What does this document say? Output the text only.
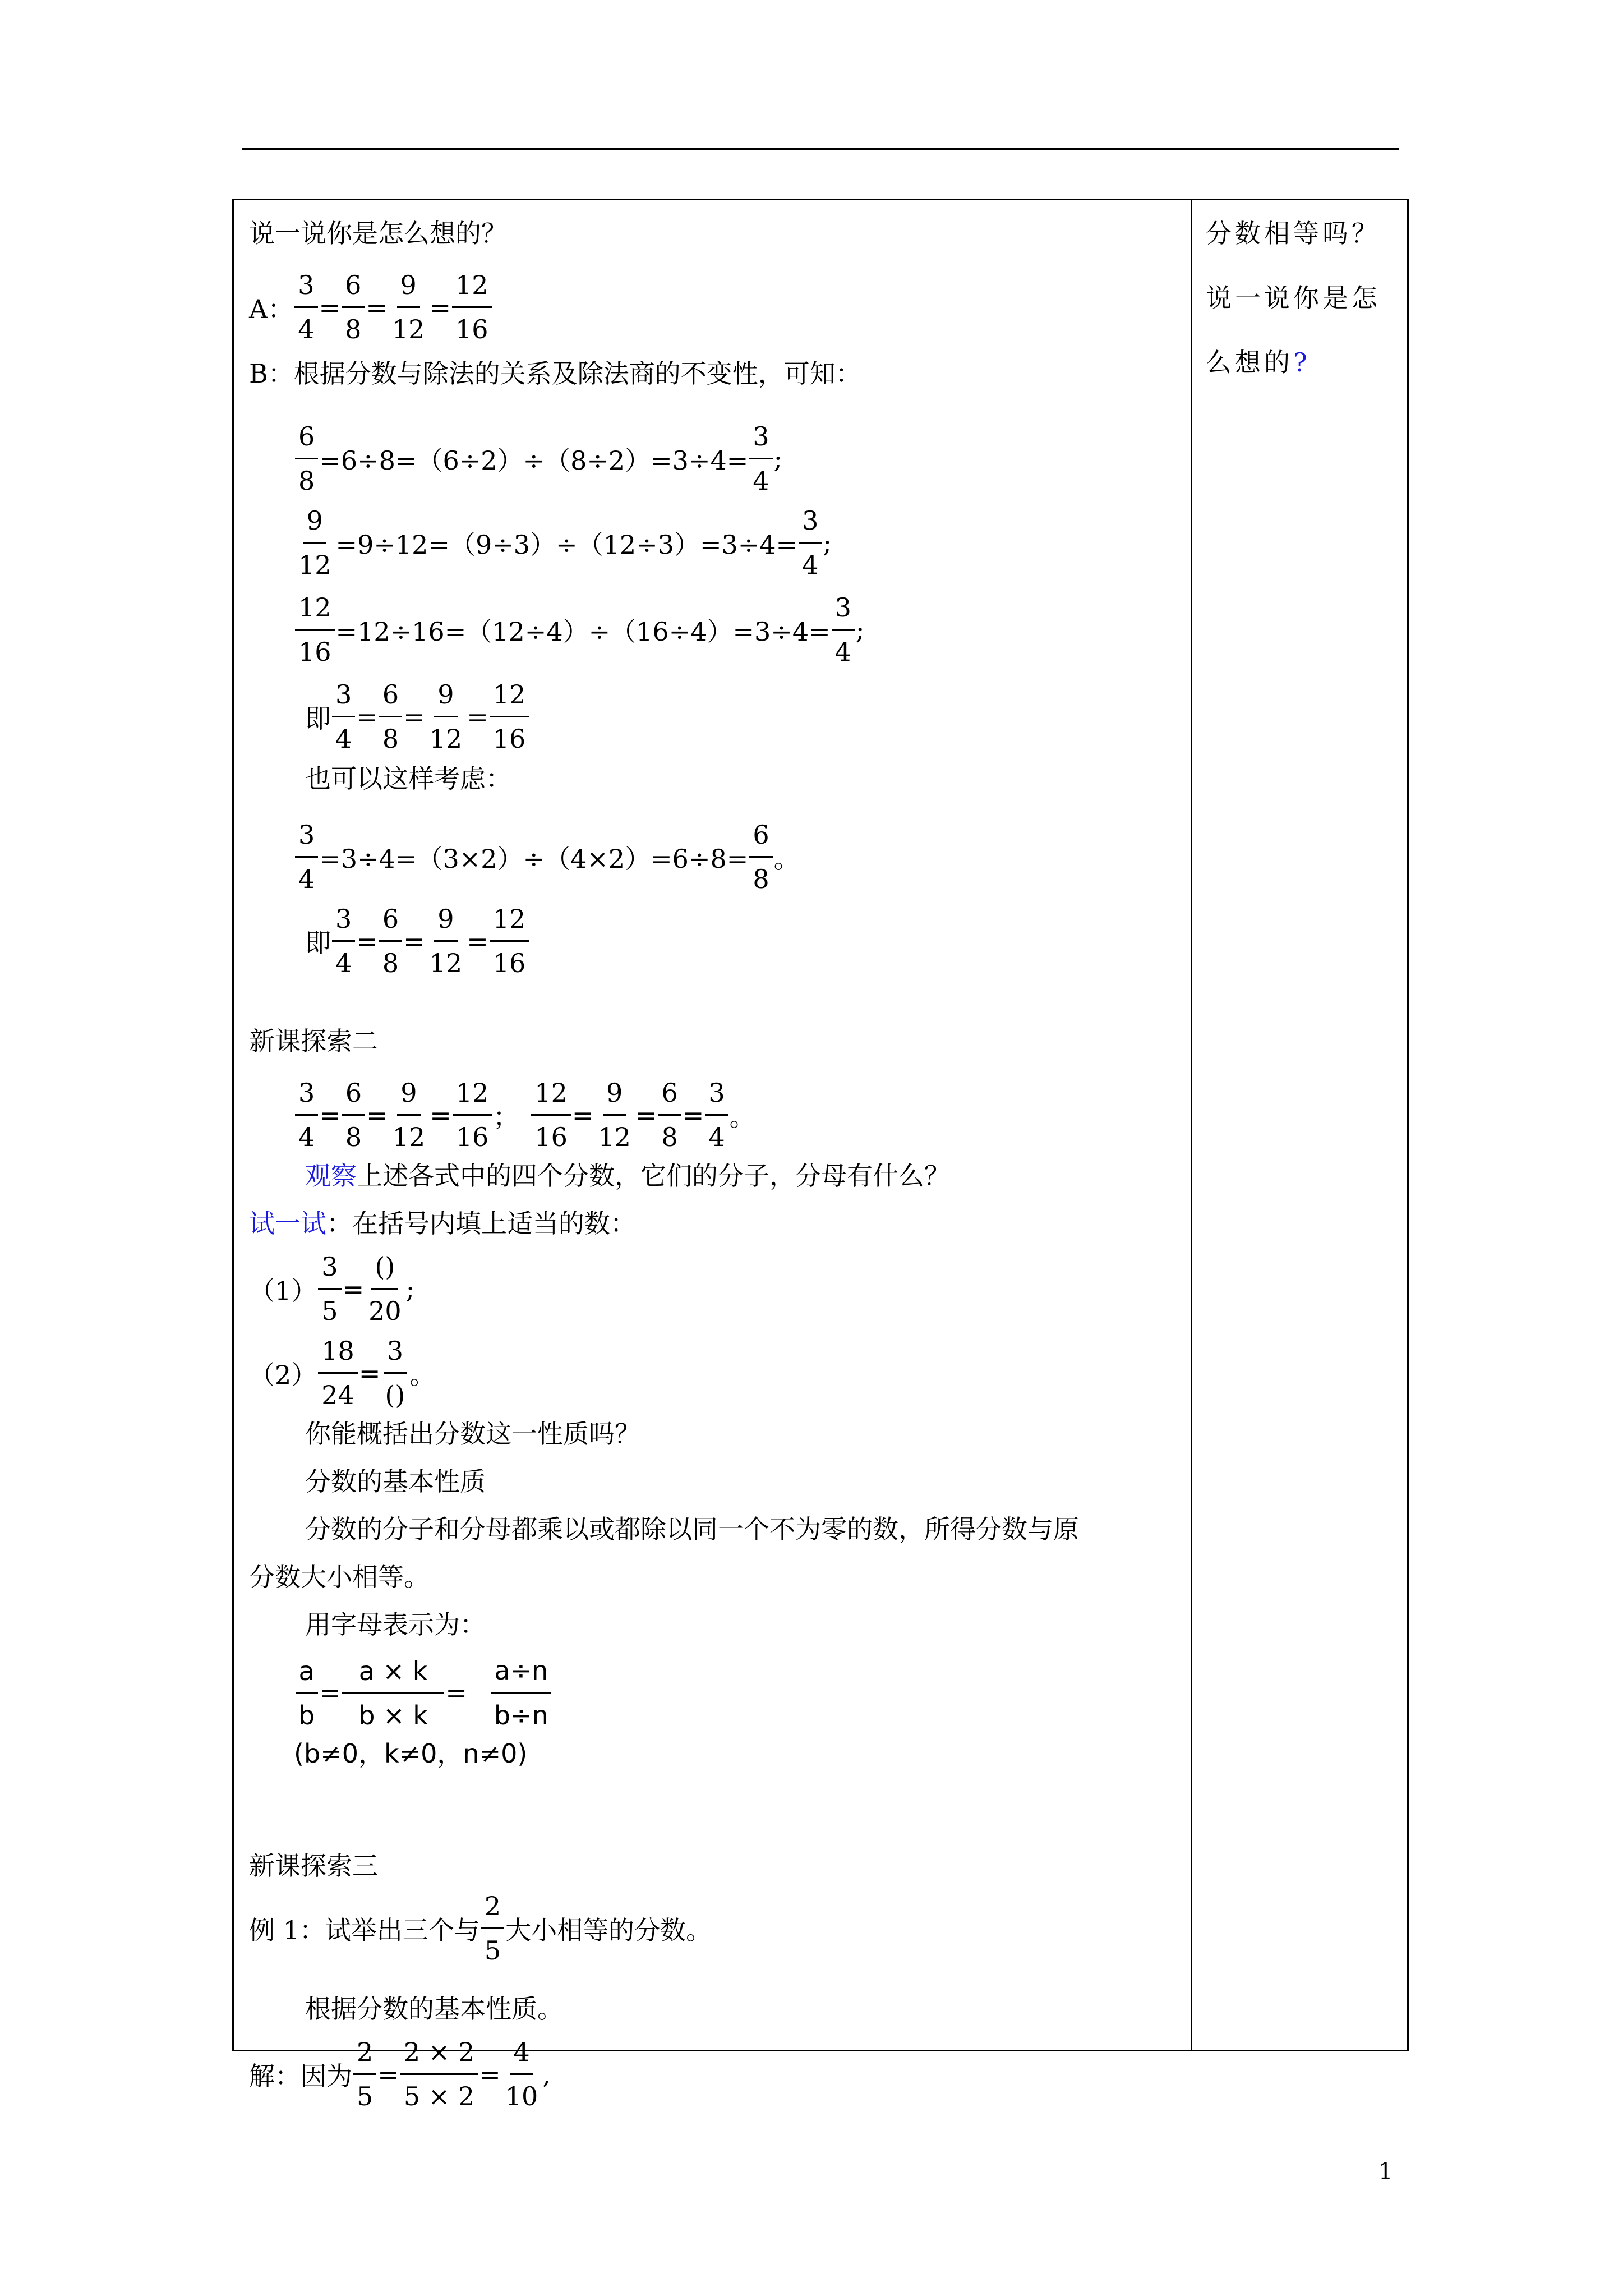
说一说你是怎么想的？
A： $\frac{3}{4} = \frac{6}{8} = \frac{9}{12} = \frac{12}{16}$
B：根据分数与除法的关系及除法商的不变性，可知：
$\frac{6}{8} =6\div 8=(6\div 2)\div(8\div 2)=3\div 4= \frac{3}{4}$ ;
$\frac{9}{12} =9\div 12=(9\div 3)\div(12\div 3)=3\div 4= \frac{3}{4}$ ;
$\frac{12}{16} =12\div 16=(12\div 4)\div(16\div 4)=3\div 4= \frac{3}{4}$ ;
即 $\frac{3}{4} = \frac{6}{8} = \frac{9}{12} = \frac{12}{16}$
也可以这样考虑：
$\frac{3}{4} =3\div 4=(3\times 2)\div(4\times 2)=6\div 8= \frac{6}{8}$ 。
即 $\frac{3}{4} = \frac{6}{8} = \frac{9}{12} = \frac{12}{16}$
新课探索二
$\frac{3}{4} = \frac{6}{8} = \frac{9}{12} = \frac{12}{16}$ ； $\frac{12}{16} = \frac{9}{12} = \frac{6}{8} = \frac{3}{4}$ 。
观察 上述各式中的四个分数，它们的分子，分母有什么？
试一试 ：在括号内填上适当的数：
$(1) \frac{3}{5} = \frac{()}{20}$ ;
$(2) \frac{18}{24} = \frac{3}{()}$ 。
你能概括出分数这一性质吗？
分数的基本性质
分数的分子和分母都乘以或都除以同一个不为零的数，所得分数与原
分数大小相等。
用字母表示为：
$\frac{a}{b} = \frac{a \times k}{b \times k} = \frac{a\div n}{b\div n}$
(b≠0，k≠0，n≠0)
新课探索三
例 1：试举出三个与 $\frac{2}{5}$ 大小相等的分数。
根据分数的基本性质。
解：因为 $\frac{2}{5} = \frac{2 \times 2}{5 \times 2} = \frac{4}{10}$ ,
分数相等吗？
说一说你是怎
么想的?
1
